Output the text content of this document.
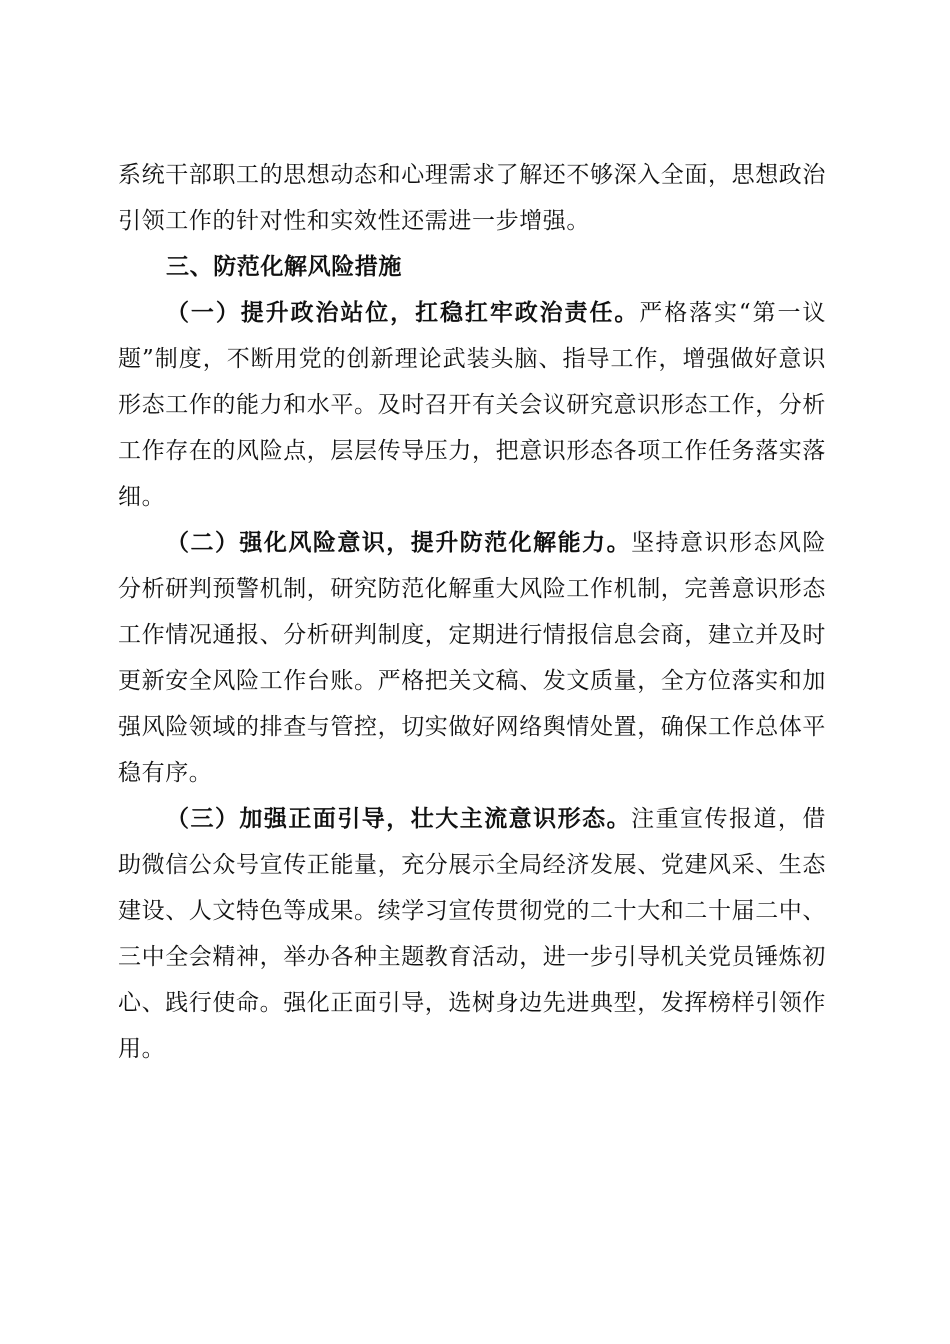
系统干部职工的思想动态和心理需求了解还不够深入全面，思想政治引领工作的针对性和实效性还需进一步增强。

三、防范化解风险措施

（一）提升政治站位，扛稳扛牢政治责任。严格落实“第一议题”制度，不断用党的创新理论武装头脑、指导工作，增强做好意识形态工作的能力和水平。及时召开有关会议研究意识形态工作，分析工作存在的风险点，层层传导压力，把意识形态各项工作任务落实落细。

（二）强化风险意识，提升防范化解能力。坚持意识形态风险分析研判预警机制，研究防范化解重大风险工作机制，完善意识形态工作情况通报、分析研判制度，定期进行情报信息会商，建立并及时更新安全风险工作台账。严格把关文稿、发文质量，全方位落实和加强风险领域的排查与管控，切实做好网络舆情处置，确保工作总体平稳有序。

（三）加强正面引导，壮大主流意识形态。注重宣传报道，借助微信公众号宣传正能量，充分展示全局经济发展、党建风采、生态建设、人文特色等成果。续学习宣传贯彻党的二十大和二十届二中、三中全会精神，举办各种主题教育活动，进一步引导机关党员锤炼初心、践行使命。强化正面引导，选树身边先进典型，发挥榜样引领作用。
